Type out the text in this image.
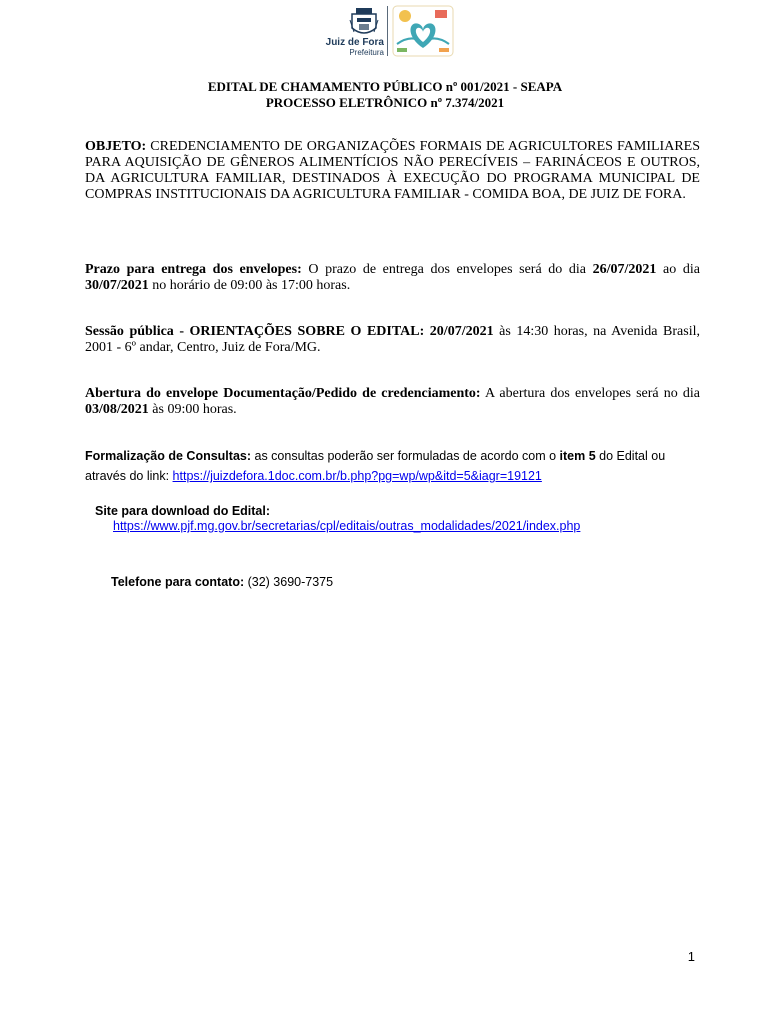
Juiz de Fora
Prefeitura
EDITAL DE CHAMAMENTO PÚBLICO nº 001/2021 - SEAPA
PROCESSO ELETRÔNICO nº 7.374/2021
OBJETO: CREDENCIAMENTO DE ORGANIZAÇÕES FORMAIS DE AGRICULTORES FAMILIARES PARA AQUISIÇÃO DE GÊNEROS ALIMENTÍCIOS NÃO PERECÍVEIS – FARINÁCEOS E OUTROS, DA AGRICULTURA FAMILIAR, DESTINADOS À EXECUÇÃO DO PROGRAMA MUNICIPAL DE COMPRAS INSTITUCIONAIS DA AGRICULTURA FAMILIAR - COMIDA BOA, DE JUIZ DE FORA.
Prazo para entrega dos envelopes: O prazo de entrega dos envelopes será do dia 26/07/2021 ao dia 30/07/2021 no horário de 09:00 às 17:00 horas.
Sessão pública - ORIENTAÇÕES SOBRE O EDITAL: 20/07/2021 às 14:30 horas, na Avenida Brasil, 2001 - 6º andar, Centro, Juiz de Fora/MG.
Abertura do envelope Documentação/Pedido de credenciamento: A abertura dos envelopes será no dia 03/08/2021 às 09:00 horas.
Formalização de Consultas: as consultas poderão ser formuladas de acordo com o item 5 do Edital ou através do link: https://juizdefora.1doc.com.br/b.php?pg=wp/wp&itd=5&iagr=19121
Site para download do Edital:
https://www.pjf.mg.gov.br/secretarias/cpl/editais/outras_modalidades/2021/index.php
Telefone para contato: (32) 3690-7375
1
